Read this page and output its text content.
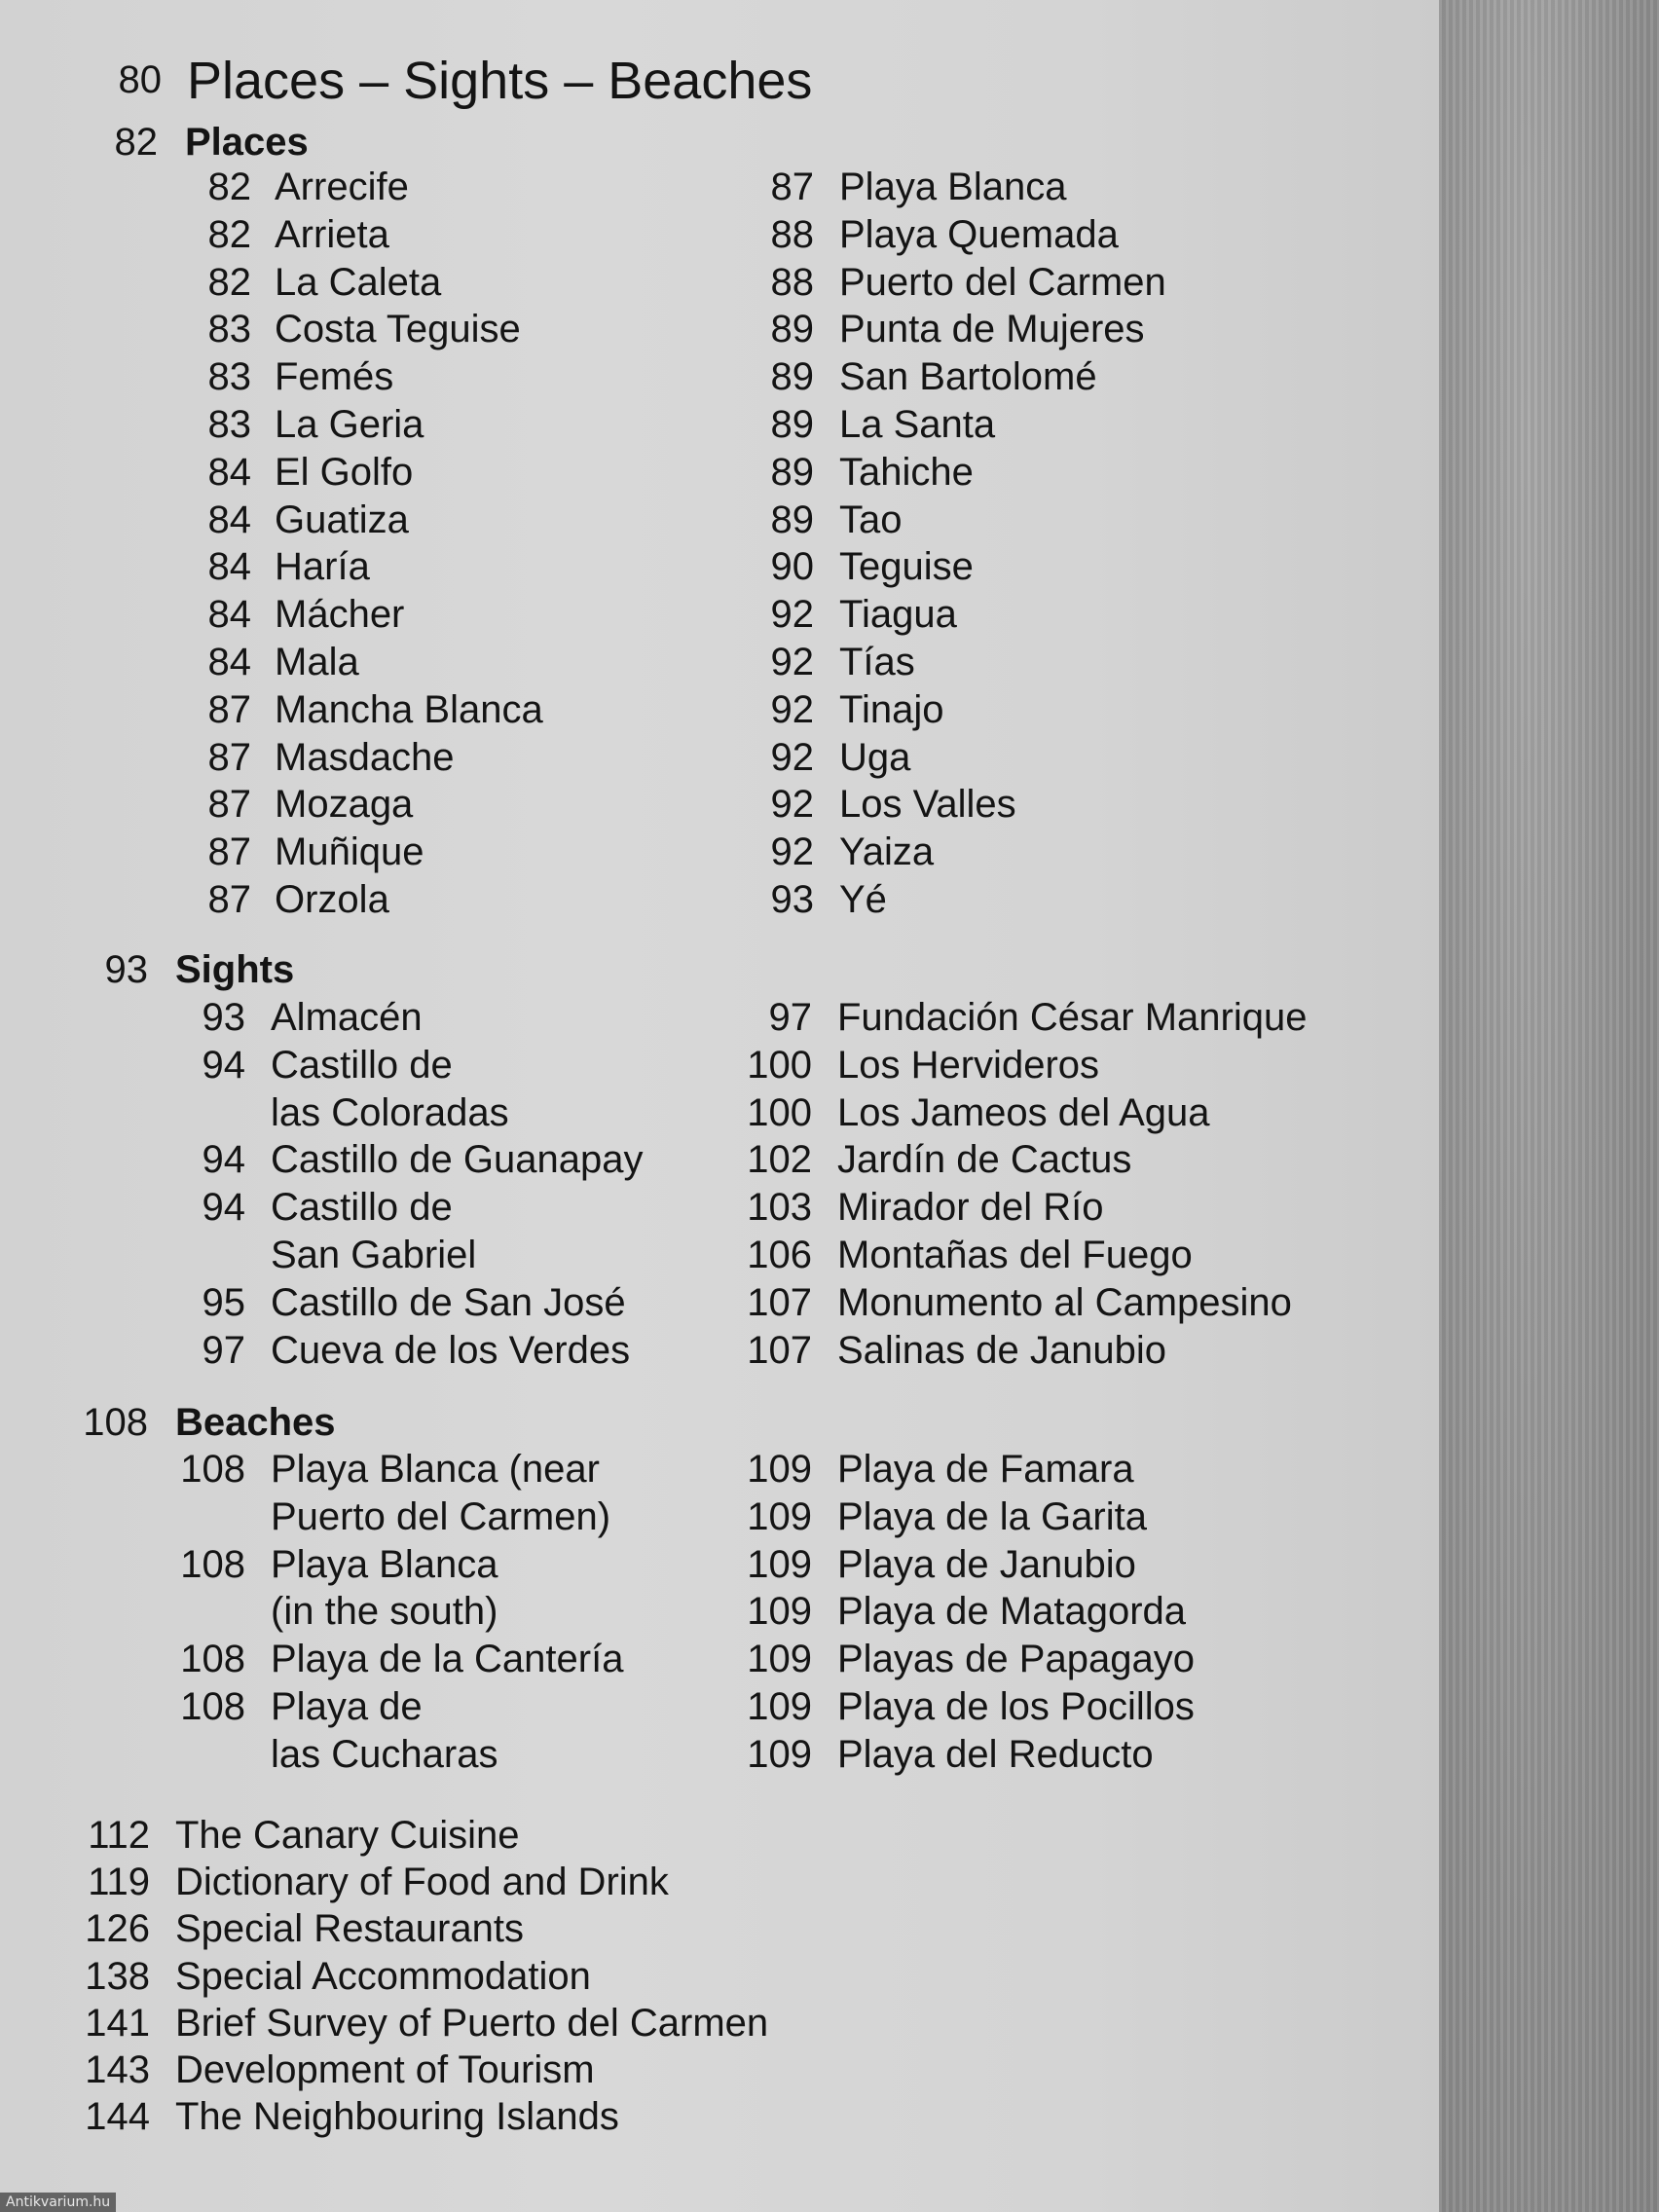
80 Places – Sights – Beaches
82 Places
82 Arrecife
82 Arrieta
82 La Caleta
83 Costa Teguise
83 Femés
83 La Geria
84 El Golfo
84 Guatiza
84 Haría
84 Mácher
84 Mala
87 Mancha Blanca
87 Masdache
87 Mozaga
87 Muñique
87 Orzola
87 Playa Blanca
88 Playa Quemada
88 Puerto del Carmen
89 Punta de Mujeres
89 San Bartolomé
89 La Santa
89 Tahiche
89 Tao
90 Teguise
92 Tiagua
92 Tías
92 Tinajo
92 Uga
92 Los Valles
92 Yaiza
93 Yé
93 Sights
93 Almacén
94 Castillo de
las Coloradas
94 Castillo de Guanapay
94 Castillo de
San Gabriel
95 Castillo de San José
97 Cueva de los Verdes
97 Fundación César Manrique
100 Los Hervideros
100 Los Jameos del Agua
102 Jardín de Cactus
103 Mirador del Río
106 Montañas del Fuego
107 Monumento al Campesino
107 Salinas de Janubio
108 Beaches
108 Playa Blanca (near
Puerto del Carmen)
108 Playa Blanca
(in the south)
108 Playa de la Cantería
108 Playa de
las Cucharas
109 Playa de Famara
109 Playa de la Garita
109 Playa de Janubio
109 Playa de Matagorda
109 Playas de Papagayo
109 Playa de los Pocillos
109 Playa del Reducto
112 The Canary Cuisine
119 Dictionary of Food and Drink
126 Special Restaurants
138 Special Accommodation
141 Brief Survey of Puerto del Carmen
143 Development of Tourism
144 The Neighbouring Islands
Antikvarium.hu
